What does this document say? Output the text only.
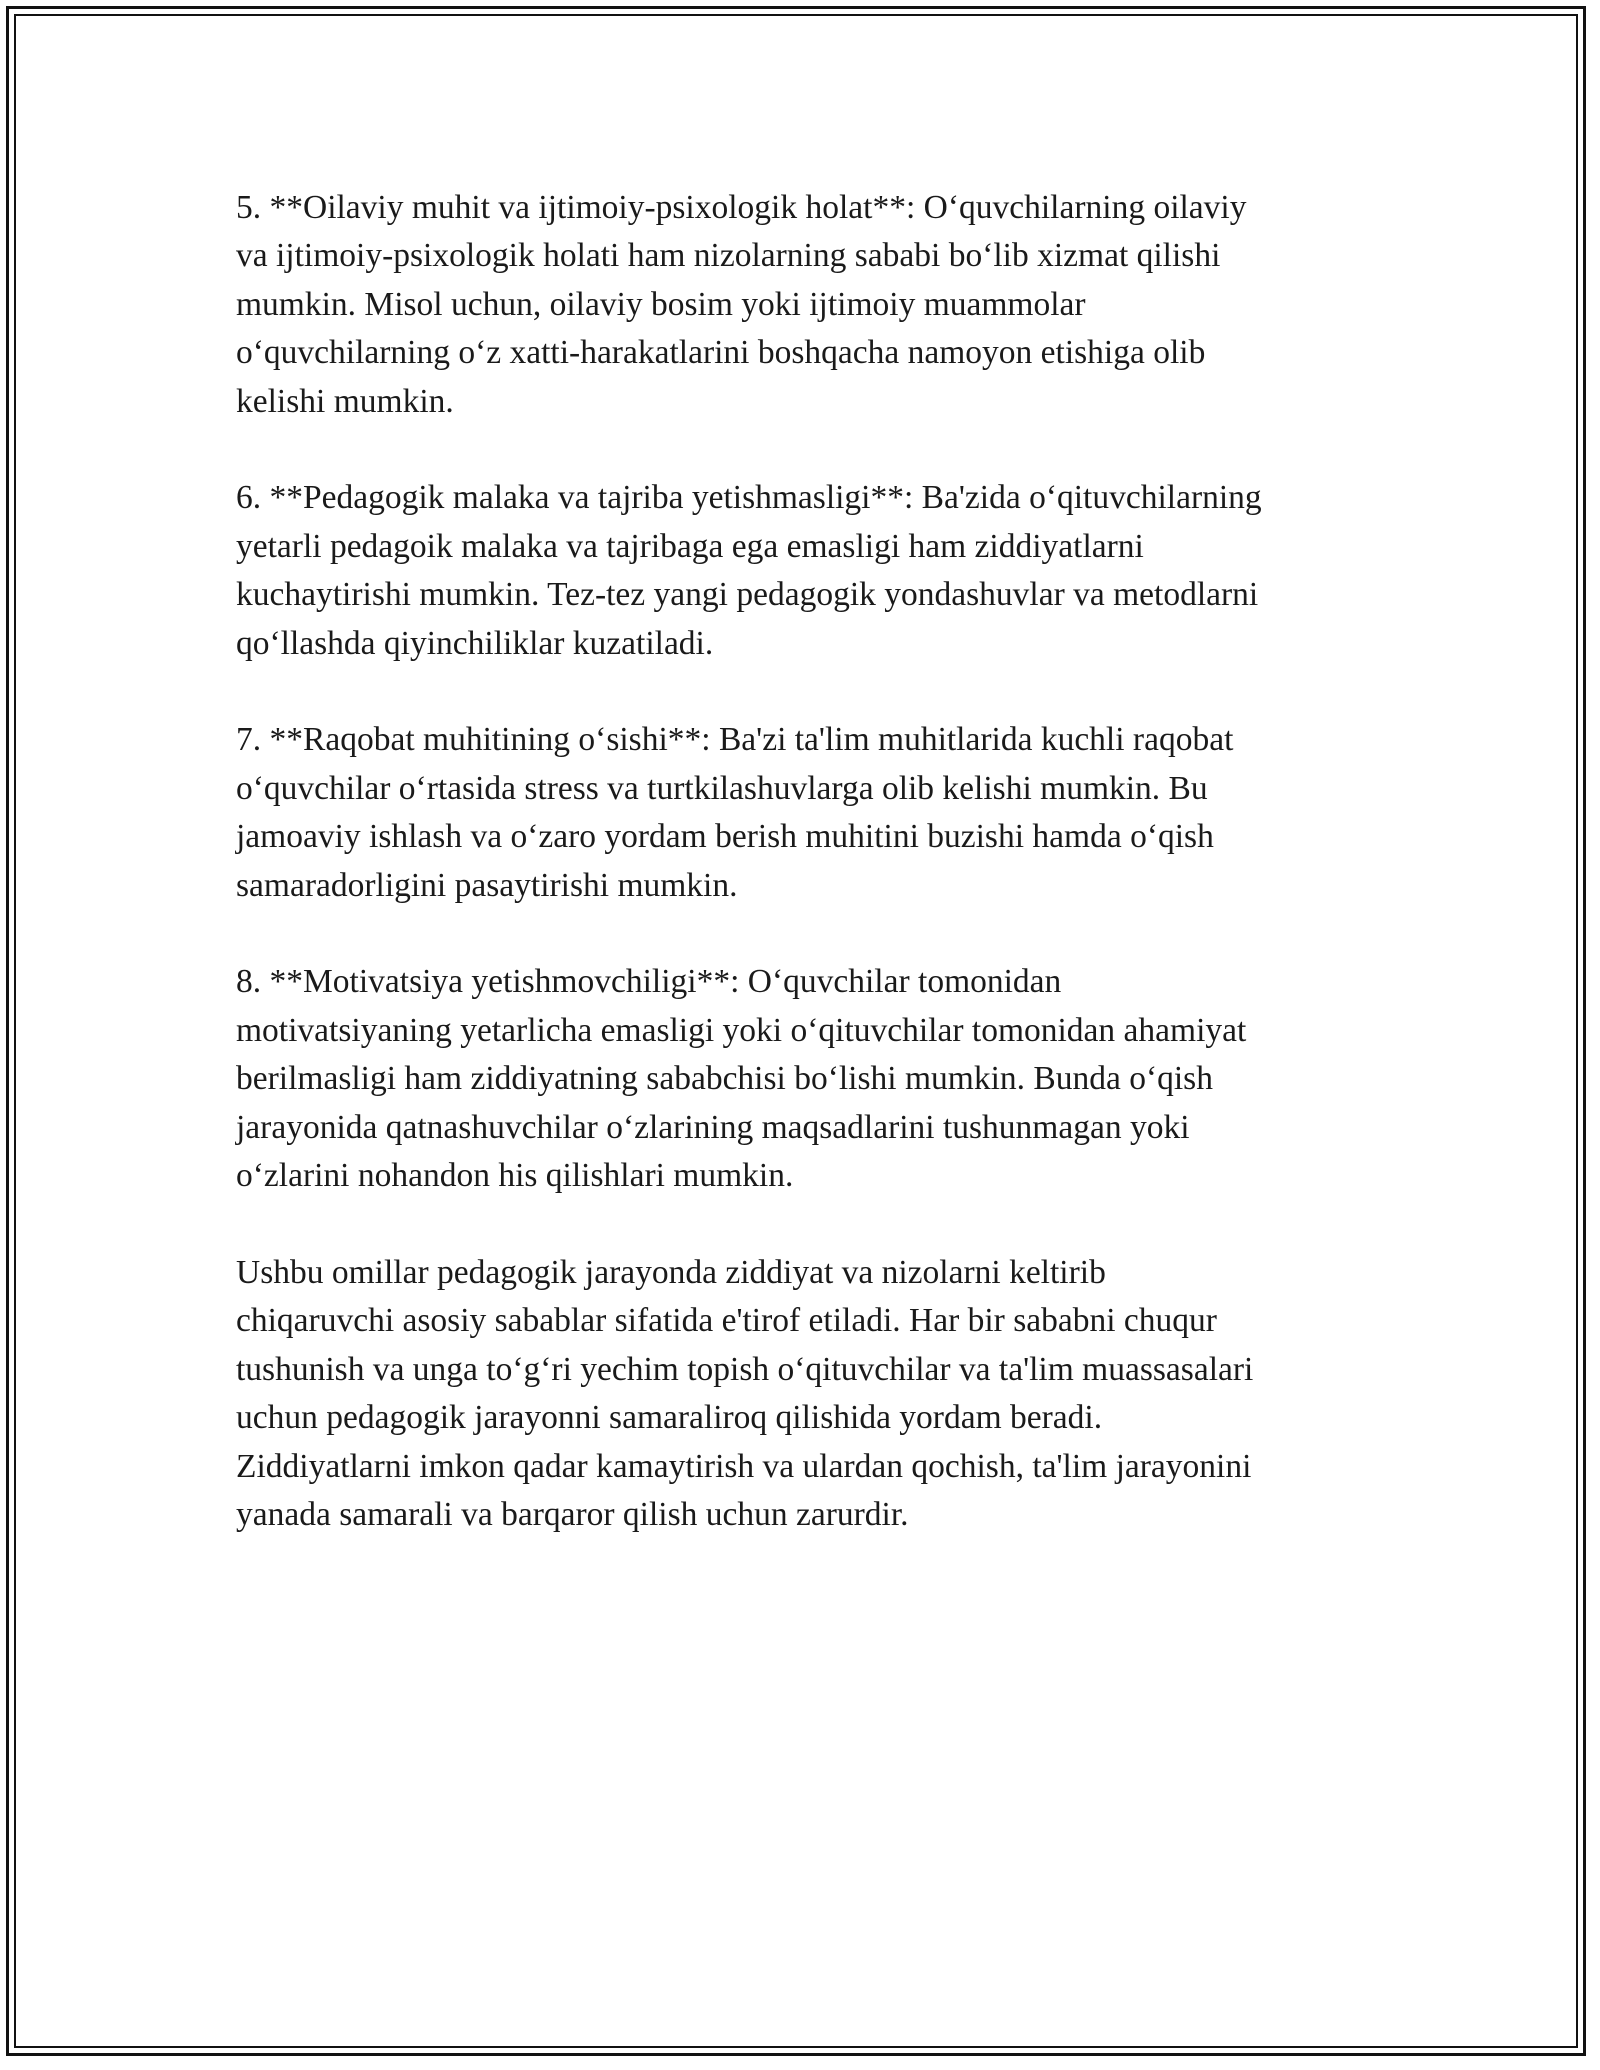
5. **Oilaviy muhit va ijtimoiy-psixologik holat**: O‘quvchilarning oilaviy
va ijtimoiy-psixologik holati ham nizolarning sababi bo‘lib xizmat qilishi
mumkin. Misol uchun, oilaviy bosim yoki ijtimoiy muammolar
o‘quvchilarning o‘z xatti-harakatlarini boshqacha namoyon etishiga olib
kelishi mumkin.

6. **Pedagogik malaka va tajriba yetishmasligi**: Ba'zida o‘qituvchilarning
yetarli pedagoik malaka va tajribaga ega emasligi ham ziddiyatlarni
kuchaytirishi mumkin. Tez-tez yangi pedagogik yondashuvlar va metodlarni
qo‘llashda qiyinchiliklar kuzatiladi.

7. **Raqobat muhitining o‘sishi**: Ba'zi ta'lim muhitlarida kuchli raqobat
o‘quvchilar o‘rtasida stress va turtkilashuvlarga olib kelishi mumkin. Bu
jamoaviy ishlash va o‘zaro yordam berish muhitini buzishi hamda o‘qish
samaradorligini pasaytirishi mumkin.

8. **Motivatsiya yetishmovchiligi**: O‘quvchilar tomonidan
motivatsiyaning yetarlicha emasligi yoki o‘qituvchilar tomonidan ahamiyat
berilmasligi ham ziddiyatning sababchisi bo‘lishi mumkin. Bunda o‘qish
jarayonida qatnashuvchilar o‘zlarining maqsadlarini tushunmagan yoki
o‘zlarini nohandon his qilishlari mumkin.

Ushbu omillar pedagogik jarayonda ziddiyat va nizolarni keltirib
chiqaruvchi asosiy sabablar sifatida e'tirof etiladi. Har bir sababni chuqur
tushunish va unga to‘g‘ri yechim topish o‘qituvchilar va ta'lim muassasalari
uchun pedagogik jarayonni samaraliroq qilishida yordam beradi.
Ziddiyatlarni imkon qadar kamaytirish va ulardan qochish, ta'lim jarayonini
yanada samarali va barqaror qilish uchun zarurdir.
